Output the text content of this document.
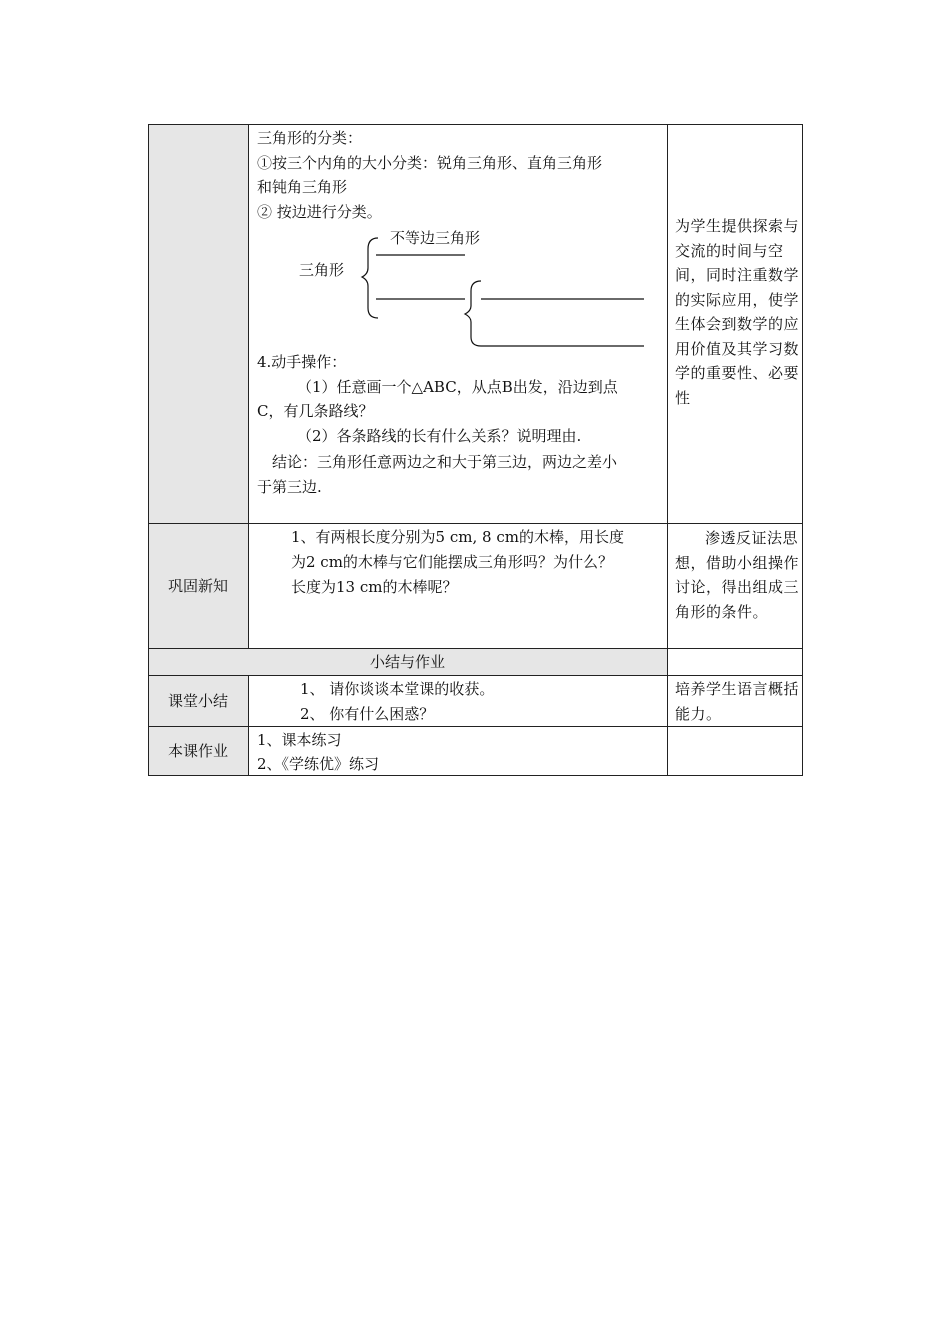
三角形的分类：
①按三个内角的大小分类：锐角三角形、直角三角形
和钝角三角形
② 按边进行分类。
不等边三角形
三角形
4.动手操作：
（1）任意画一个△ABC，从点B出发，沿边到点
C，有几条路线？
（2）各条路线的长有什么关系？说明理由.
结论：三角形任意两边之和大于第三边，两边之差小
于第三边.
为学生提供探索与交流的时间与空间，同时注重数学的实际应用，使学生体会到数学的应用价值及其学习数学的重要性、必要性
巩固新知
1、有两根长度分别为5 cm, 8 cm的木棒，用长度
为2 cm的木棒与它们能摆成三角形吗？为什么？
长度为13 cm的木棒呢？
渗透反证法思想，借助小组操作讨论，得出组成三角形的条件。
小结与作业
课堂小结
1、 请你谈谈本堂课的收获。
2、 你有什么困惑？
培养学生语言概括能力。
本课作业
1、课本练习
2、《学练优》练习
